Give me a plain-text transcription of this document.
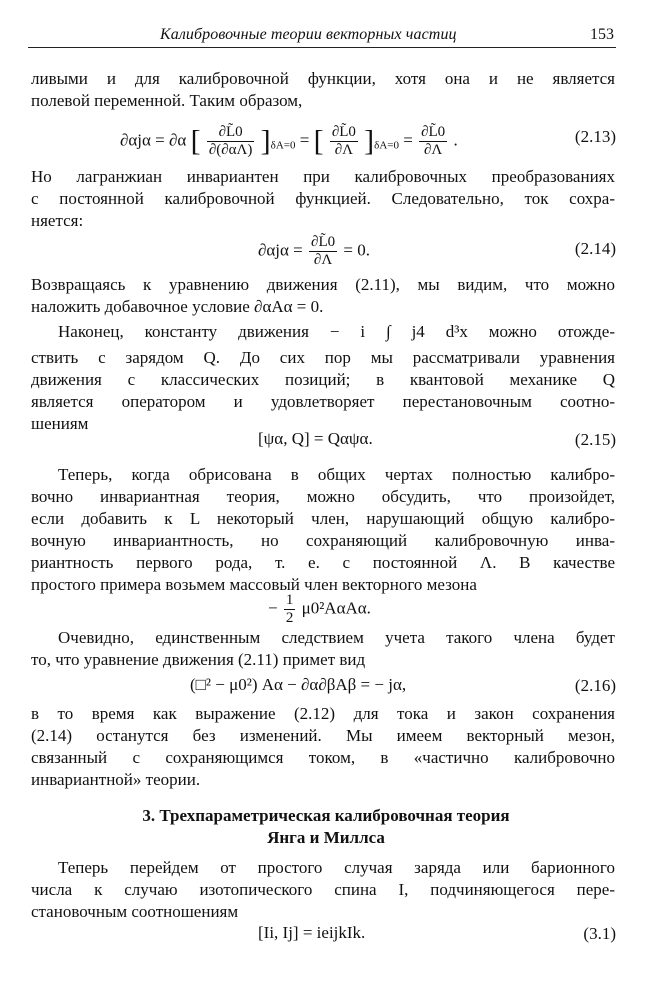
Калибровочные теории векторных частиц	153
ливыми и для калибровочной функции, хотя она и не является
полевой переменной. Таким образом,
∂αjα = ∂α [ $\frac{\partial L̃0}{\partial(\partial\alpha\Lambda)} ]_{\delta A=0}$ = [ $\frac{\partial L̃0}{\partial\Lambda} ]_{\delta A=0} = \frac{\partial L̃0}{\partial\Lambda}$ .	(2.13)
Но лагранжиан инвариантен при калибровочных преобразованиях
с постоянной калибровочной функцией. Следовательно, ток сохра-
няется:
$\partial\alpha j\alpha = \frac{\partial L̃0}{\partial\Lambda} = 0$.	(2.14)
Возвращаясь к уравнению движения (2.11), мы видим, что можно
наложить добавочное условие ∂αAα = 0.
Наконец, константу движения − i ∫ j4 d³x можно отожде-
ствить с зарядом Q. До сих пор мы рассматривали уравнения
движения с классических позиций; в квантовой механике Q
является оператором и удовлетворяет перестановочным соотно-
шениям
[ψα, Q] = Qαψα.	(2.15)
Теперь, когда обрисована в общих чертах полностью калибро-
вочно инвариантная теория, можно обсудить, что произойдет,
если добавить к L некоторый член, нарушающий общую калибро-
вочную инвариантность, но сохраняющий калибровочную инва-
риантность первого рода, т. е. с постоянной Λ. В качестве
простого примера возьмем массовый член векторного мезона
− $\frac{1}{2} \mu 0^2A\alpha A\alpha$.
Очевидно, единственным следствием учета такого члена будет
то, что уравнение движения (2.11) примет вид
(□² − μ0²) Aα − ∂α∂βAβ = − jα,	(2.16)
в то время как выражение (2.12) для тока и закон сохранения
(2.14) останутся без изменений. Мы имеем векторный мезон,
связанный с сохраняющимся током, в «частично калибровочно
инвариантной» теории.
3. Трехпараметрическая калибровочная теория
Янга и Миллса
Теперь перейдем от простого случая заряда или барионного
числа к случаю изотопического спина I, подчиняющегося пере-
становочным соотношениям
[Ii, Ij] = ieijkIk.	(3.1)
